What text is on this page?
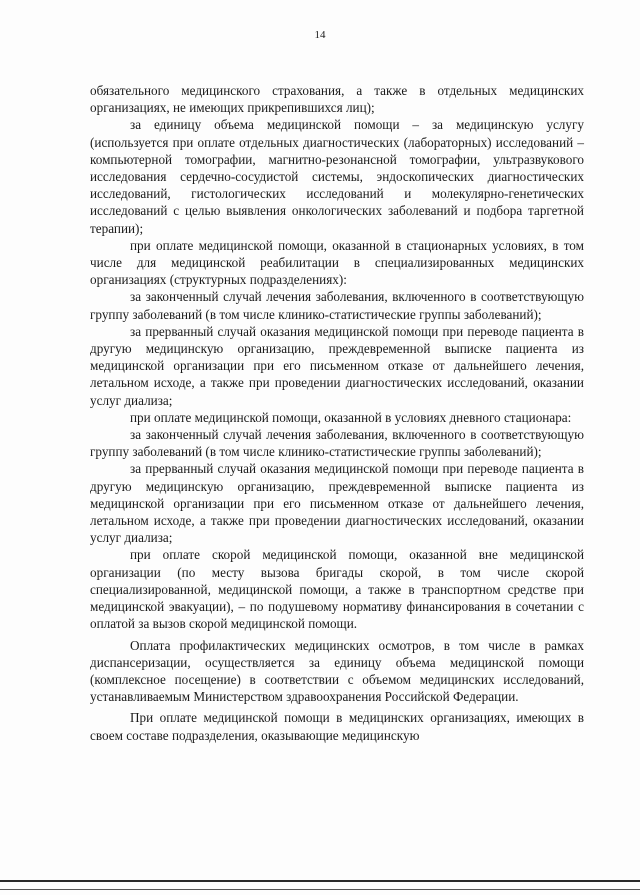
14

обязательного медицинского страхования, а также в отдельных медицинских организациях, не имеющих прикрепившихся лиц);

за единицу объема медицинской помощи – за медицинскую услугу (используется при оплате отдельных диагностических (лабораторных) исследований – компьютерной томографии, магнитно-резонансной томографии, ультразвукового исследования сердечно-сосудистой системы, эндоскопических диагностических исследований, гистологических исследований и молекулярно-генетических исследований с целью выявления онкологических заболеваний и подбора таргетной терапии);

при оплате медицинской помощи, оказанной в стационарных условиях, в том числе для медицинской реабилитации в специализированных медицинских организациях (структурных подразделениях):

за законченный случай лечения заболевания, включенного в соответствующую группу заболеваний (в том числе клинико-статистические группы заболеваний);

за прерванный случай оказания медицинской помощи при переводе пациента в другую медицинскую организацию, преждевременной выписке пациента из медицинской организации при его письменном отказе от дальнейшего лечения, летальном исходе, а также при проведении диагностических исследований, оказании услуг диализа;

при оплате медицинской помощи, оказанной в условиях дневного стационара:

за законченный случай лечения заболевания, включенного в соответствующую группу заболеваний (в том числе клинико-статистические группы заболеваний);

за прерванный случай оказания медицинской помощи при переводе пациента в другую медицинскую организацию, преждевременной выписке пациента из медицинской организации при его письменном отказе от дальнейшего лечения, летальном исходе, а также при проведении диагностических исследований, оказании услуг диализа;

при оплате скорой медицинской помощи, оказанной вне медицинской организации (по месту вызова бригады скорой, в том числе скорой специализированной, медицинской помощи, а также в транспортном средстве при медицинской эвакуации), – по подушевому нормативу финансирования в сочетании с оплатой за вызов скорой медицинской помощи.

Оплата профилактических медицинских осмотров, в том числе в рамках диспансеризации, осуществляется за единицу объема медицинской помощи (комплексное посещение) в соответствии с объемом медицинских исследований, устанавливаемым Министерством здравоохранения Российской Федерации.

При оплате медицинской помощи в медицинских организациях, имеющих в своем составе подразделения, оказывающие медицинскую
